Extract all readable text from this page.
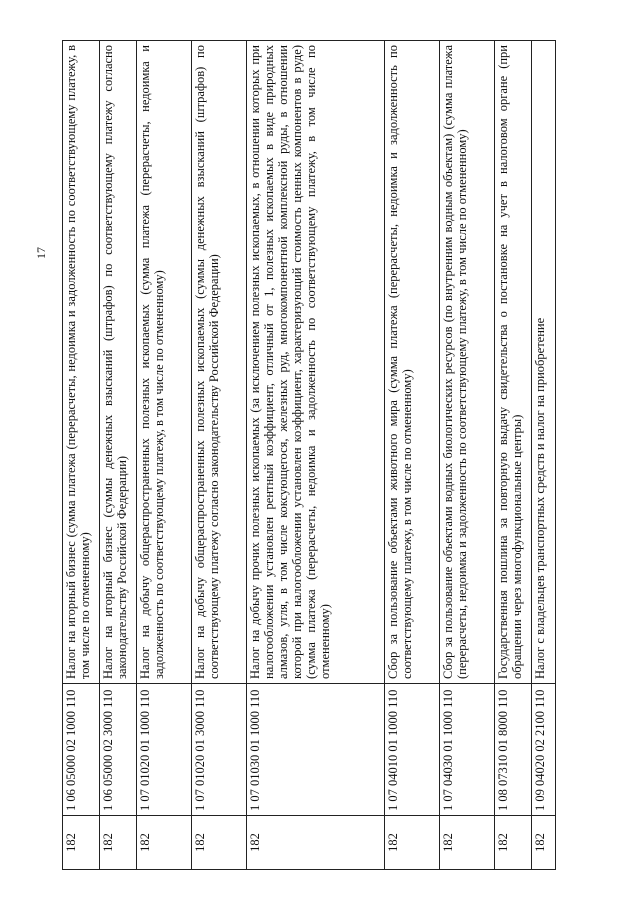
17
182	1 06 05000 02 1000 110	Налог на игорный бизнес (сумма платежа (перерасчеты, недоимка и задолженность по соответствующему платежу, в том числе по отмененному)
182	1 06 05000 02 3000 110	Налог на игорный бизнес (суммы денежных взысканий (штрафов) по соответствующему платежу согласно законодательству Российской Федерации)
182	1 07 01020 01 1000 110	Налог на добычу общераспространенных полезных ископаемых (сумма платежа (перерасчеты, недоимка и задолженность по соответствующему платежу, в том числе по отмененному)
182	1 07 01020 01 3000 110	Налог на добычу общераспространенных полезных ископаемых (суммы денежных взысканий (штрафов) по соответствующему платежу согласно законодательству Российской Федерации)
182	1 07 01030 01 1000 110	Налог на добычу прочих полезных ископаемых (за исключением полезных ископаемых, в отношении которых при налогообложении установлен рентный коэффициент, отличный от 1, полезных ископаемых в виде природных алмазов, угля, в том числе коксующегося, железных руд, многокомпонентной комплексной руды, в отношении которой при налогообложении установлен коэффициент, характеризующий стоимость ценных компонентов в руде) (сумма платежа (перерасчеты, недоимка и задолженность по соответствующему платежу, в том числе по отмененному)
182	1 07 04010 01 1000 110	Сбор за пользование объектами животного мира (сумма платежа (перерасчеты, недоимка и задолженность по соответствующему платежу, в том числе по отмененному)
182	1 07 04030 01 1000 110	Сбор за пользование объектами водных биологических ресурсов (по внутренним водным объектам) (сумма платежа (перерасчеты, недоимка и задолженность по соответствующему платежу, в том числе по отмененному)
182	1 08 07310 01 8000 110	Государственная пошлина за повторную выдачу свидетельства о постановке на учет в налоговом органе (при обращении через многофункциональные центры)
182	1 09 04020 02 2100 110	Налог с владельцев транспортных средств и налог на приобретение
